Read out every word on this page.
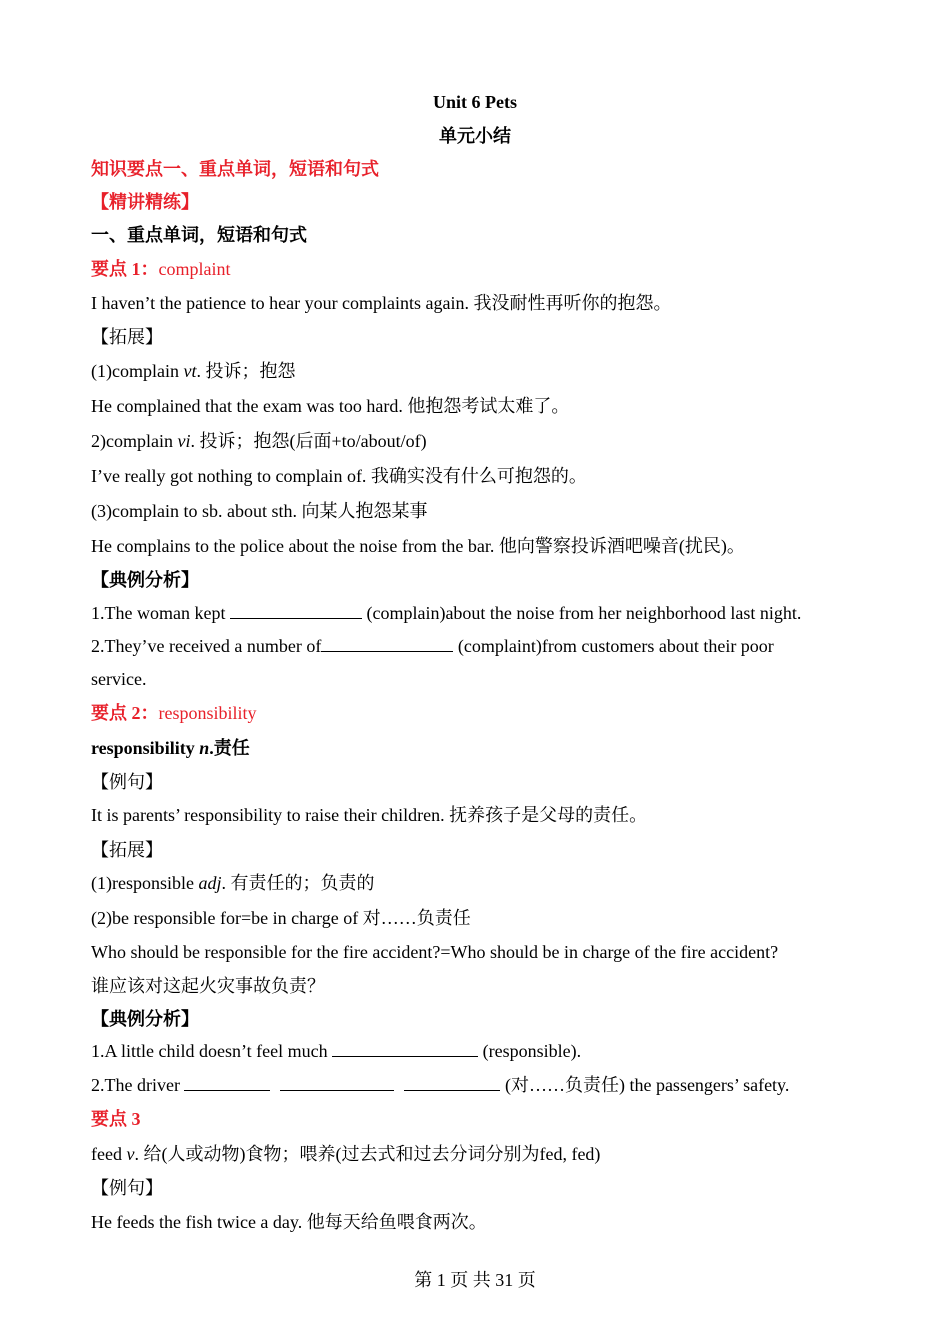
Unit 6 Pets
单元小结
知识要点一、重点单词，短语和句式
【精讲精练】
一、重点单词，短语和句式
要点 1：complaint
I haven’t the patience to hear your complaints again. 我没耐性再听你的抱怨。
【拓展】
(1)complain vt. 投诉；抱怨
He complained that the exam was too hard. 他抱怨考试太难了。
2)complain vi. 投诉；抱怨(后面+to/about/of)
I’ve really got nothing to complain of. 我确实没有什么可抱怨的。
(3)complain to sb. about sth. 向某人抱怨某事
He complains to the police about the noise from the bar. 他向警察投诉酒吧噪音(扰民)。
【典例分析】
1.The woman kept	(complain)about the noise from her neighborhood last night.
2.They’ve received a number of	(complaint)from customers about their poor
service.
要点 2：responsibility
responsibility n.责任
【例句】
It is parents’ responsibility to raise their children. 抚养孩子是父母的责任。
【拓展】
(1)responsible adj. 有责任的；负责的
(2)be responsible for=be in charge of 对……负责任
Who should be responsible for the fire accident?=Who should be in charge of the fire accident?
谁应该对这起火灾事故负责？
【典例分析】
1.A little child doesn’t feel much	(responsible).
2.The driver	(对……负责任) the passengers’ safety.
要点 3
feed v. 给(人或动物)食物；喂养(过去式和过去分词分别为fed, fed)
【例句】
He feeds the fish twice a day. 他每天给鱼喂食两次。
第 1 页 共 31 页
